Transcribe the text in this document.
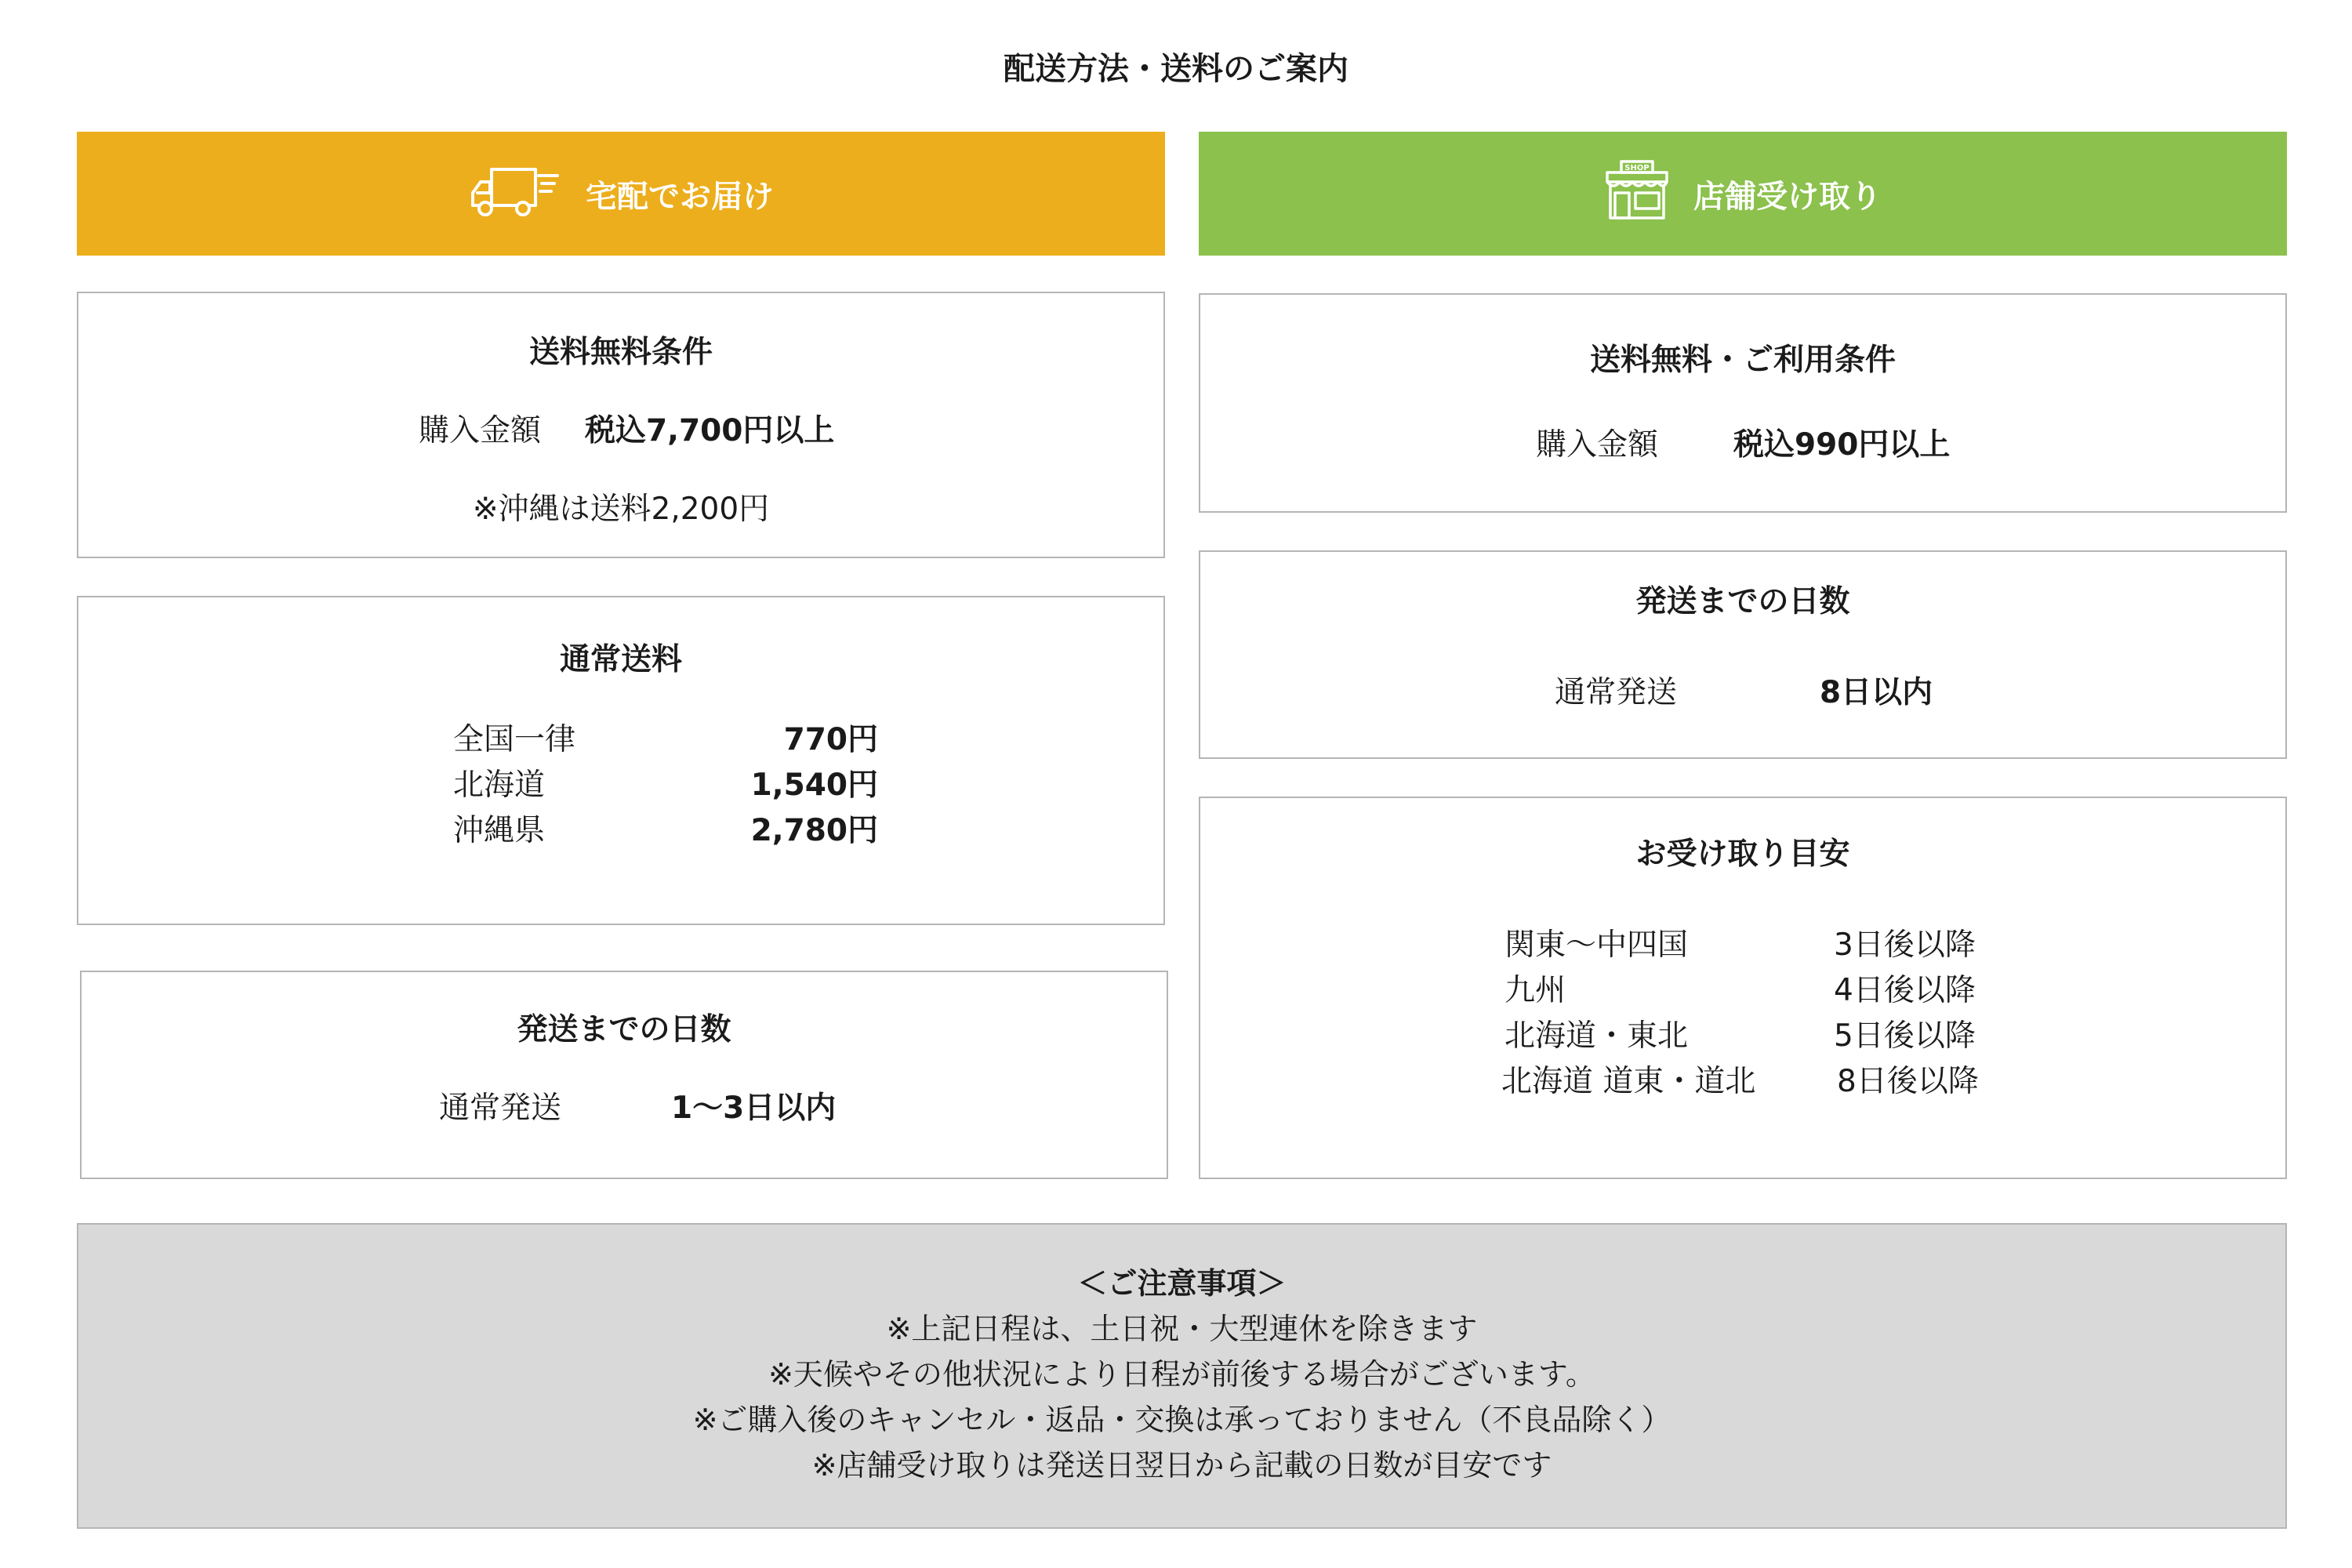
配送方法・送料のご案内
宅配でお届け
SHOP
店舗受け取り
送料無料条件
購入金額 税込7,700円以上
※沖縄は送料2,200円
通常送料
全国一律	770円
北海道	1,540円
沖縄県	2,780円
発送までの日数
通常発送	1〜3日以内
送料無料・ご利用条件
購入金額 税込990円以上
発送までの日数
通常発送	8日以内
お受け取り目安
関東〜中四国	3日後以降
九州	4日後以降
北海道・東北	5日後以降
北海道 道東・道北	8日後以降
＜ご注意事項＞
※上記日程は、土日祝・大型連休を除きます
※天候やその他状況により日程が前後する場合がございます。
※ご購入後のキャンセル・返品・交換は承っておりません（不良品除く）
※店舗受け取りは発送日翌日から記載の日数が目安です
